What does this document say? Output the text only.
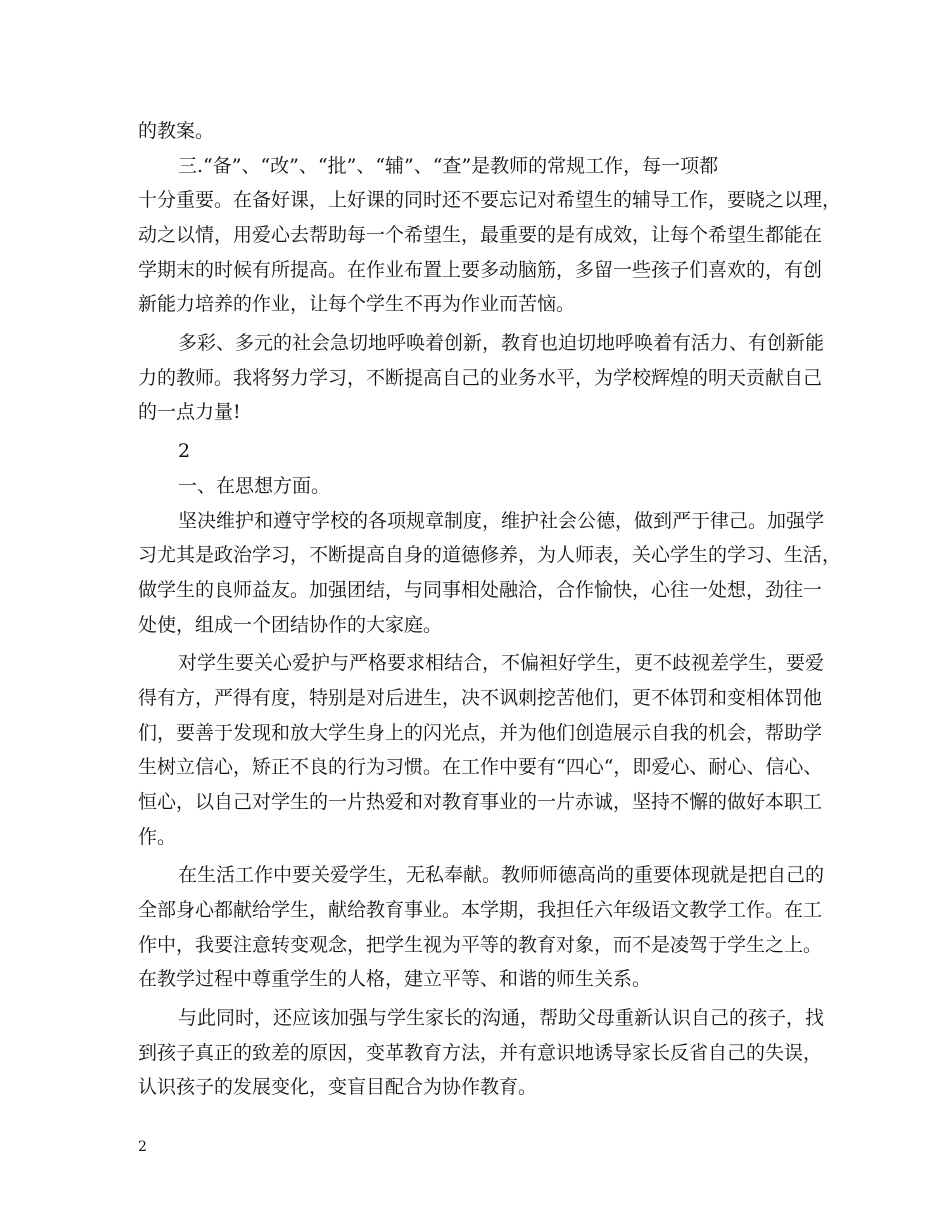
的教案。
三.“备”、“改”、“批”、“辅”、“查”是教师的常规工作，每一项都
十分重要。在备好课，上好课的同时还不要忘记对希望生的辅导工作，要晓之以理，
动之以情，用爱心去帮助每一个希望生，最重要的是有成效，让每个希望生都能在
学期末的时候有所提高。在作业布置上要多动脑筋，多留一些孩子们喜欢的，有创
新能力培养的作业，让每个学生不再为作业而苦恼。
多彩、多元的社会急切地呼唤着创新，教育也迫切地呼唤着有活力、有创新能
力的教师。我将努力学习，不断提高自己的业务水平，为学校辉煌的明天贡献自己
的一点力量!
2
一、在思想方面。
坚决维护和遵守学校的各项规章制度，维护社会公德，做到严于律己。加强学
习尤其是政治学习，不断提高自身的道德修养，为人师表，关心学生的学习、生活，
做学生的良师益友。加强团结，与同事相处融洽，合作愉快，心往一处想，劲往一
处使，组成一个团结协作的大家庭。
对学生要关心爱护与严格要求相结合，不偏袒好学生，更不歧视差学生，要爱
得有方，严得有度，特别是对后进生，决不讽刺挖苦他们，更不体罚和变相体罚他
们，要善于发现和放大学生身上的闪光点，并为他们创造展示自我的机会，帮助学
生树立信心，矫正不良的行为习惯。在工作中要有“四心“，即爱心、耐心、信心、
恒心，以自己对学生的一片热爱和对教育事业的一片赤诚，坚持不懈的做好本职工
作。
在生活工作中要关爱学生，无私奉献。教师师德高尚的重要体现就是把自己的
全部身心都献给学生，献给教育事业。本学期，我担任六年级语文教学工作。在工
作中，我要注意转变观念，把学生视为平等的教育对象，而不是凌驾于学生之上。
在教学过程中尊重学生的人格，建立平等、和谐的师生关系。
与此同时，还应该加强与学生家长的沟通，帮助父母重新认识自己的孩子，找
到孩子真正的致差的原因，变革教育方法，并有意识地诱导家长反省自己的失误，
认识孩子的发展变化，变盲目配合为协作教育。
2
